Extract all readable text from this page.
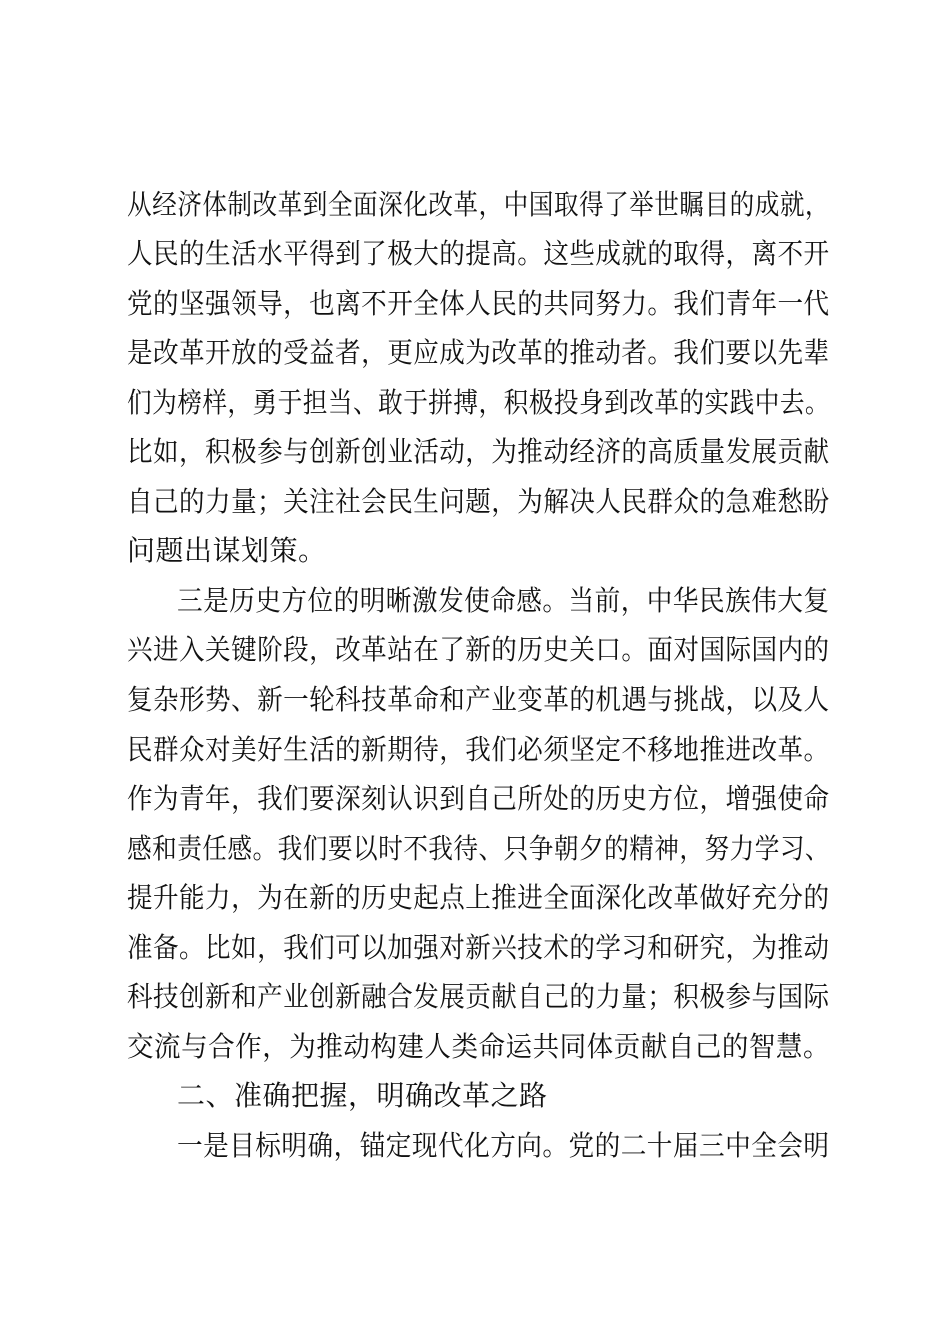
从经济体制改革到全面深化改革，中国取得了举世瞩目的成就，
人民的生活水平得到了极大的提高。这些成就的取得，离不开
党的坚强领导，也离不开全体人民的共同努力。我们青年一代
是改革开放的受益者，更应成为改革的推动者。我们要以先辈
们为榜样，勇于担当、敢于拼搏，积极投身到改革的实践中去。
比如，积极参与创新创业活动，为推动经济的高质量发展贡献
自己的力量；关注社会民生问题，为解决人民群众的急难愁盼
问题出谋划策。
三是历史方位的明晰激发使命感。当前，中华民族伟大复
兴进入关键阶段，改革站在了新的历史关口。面对国际国内的
复杂形势、新一轮科技革命和产业变革的机遇与挑战，以及人
民群众对美好生活的新期待，我们必须坚定不移地推进改革。
作为青年，我们要深刻认识到自己所处的历史方位，增强使命
感和责任感。我们要以时不我待、只争朝夕的精神，努力学习、
提升能力，为在新的历史起点上推进全面深化改革做好充分的
准备。比如，我们可以加强对新兴技术的学习和研究，为推动
科技创新和产业创新融合发展贡献自己的力量；积极参与国际
交流与合作，为推动构建人类命运共同体贡献自己的智慧。
二、准确把握，明确改革之路
一是目标明确，锚定现代化方向。党的二十届三中全会明
